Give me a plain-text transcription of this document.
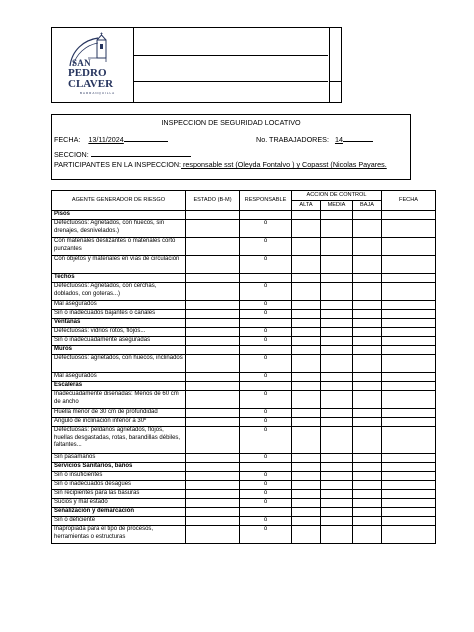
SAN
PEDRO
CLAVER
BARRANQUILLA
INSPECCION DE SEGURIDAD LOCATIVO
FECHA: 13/11/2024	No. TRABAJADORES: 14
SECCION:
PARTICIPANTES EN LA INSPECCION: responsable sst (Oleyda Fontalvo ) y Copasst (Nicolas Payares.
AGENTE GENERADOR DE RIESGO	ESTADO (B-M)	RESPONSABLE	ACCION DE CONTROL			FECHA
			ALTA	MEDIA	BAJA	
Pisos						
Defectuosos: Agrietados, con huecos, sin drenajes, desnivelados.)		ó				
Con materiales deslizantes o materiales corto punzantes		ó				
Con objetos y materiales en vías de circulación		ó				
Techos						
Defectuosos: Agrietados, con cerchas, doblados, con goteras...)		ó				
Mal asegurados		ó				
Sin o inadecuados bajantes o canales		ó				
Ventanas						
Defectuosas: vidrios rotos, flojos...		ó				
Sin o inadecuadamente aseguradas		ó				
Muros						
Defectuosos: agrietados, con huecos, inclinados		ó				
Mal asegurados		ó				
Escaleras						
Inadecuadamente diseñadas: Menos de 60 cm de ancho		ó				
Huella menor de 30 cm de profundidad		ó				
Angulo de inclinación inferior a 30º		ó				
Defectuosas: peldaños agrietados, flojos, huellas desgastadas, rotas, barandillas débiles, faltantes...		ó				
Sin pasamanos		ó				
Servicios Sanitarios, baños						
Sin o insuficientes		ó				
Sin o inadecuados desagües		ó				
Sin recipientes para las basuras		ó				
Sucios y mal estado		ó				
Señalización y demarcación						
Sin o deficiente		ó				
Inapropiada para el tipo de procesos, herramientas o estructuras		ó				
